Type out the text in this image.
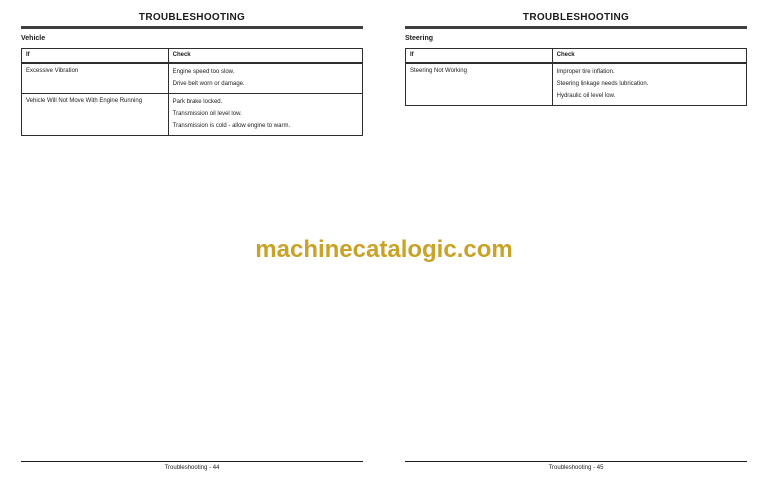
TROUBLESHOOTING
Vehicle
If	Check
Excessive Vibration	Engine speed too slow.
Drive belt worn or damage.

Vehicle Will Not Move With Engine Running	Park brake locked.
Transmission oil level low.
Transmission is cold - allow engine to warm.
Troubleshooting - 44
TROUBLESHOOTING
Steering
If	Check
Steering Not Working	Improper tire inflation.
Steering linkage needs lubrication.
Hydraulic oil level low.
Troubleshooting - 45
machinecatalogic.com
